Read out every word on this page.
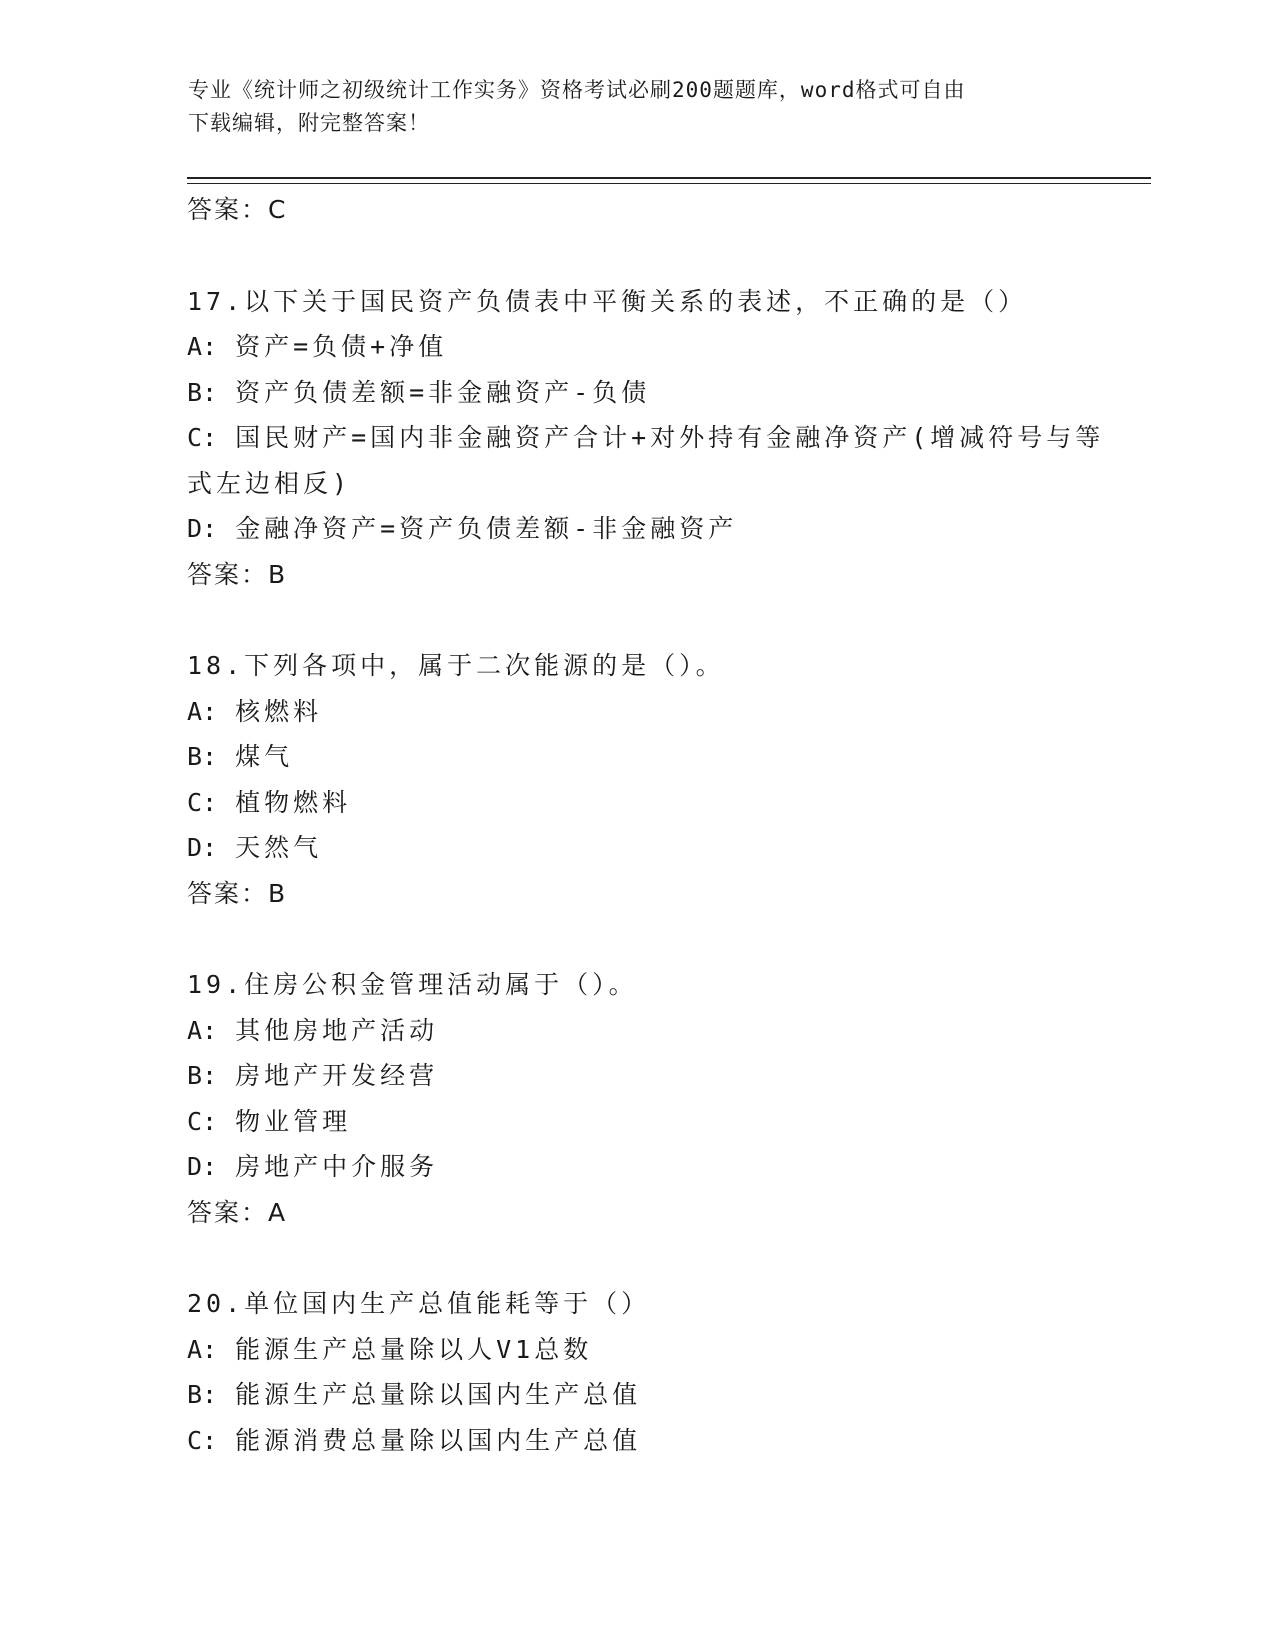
专业《统计师之初级统计工作实务》资格考试必刷200题题库，word格式可自由
下载编辑，附完整答案！
答案：C
17.以下关于国民资产负债表中平衡关系的表述，不正确的是（）
A: 资产=负债+净值
B: 资产负债差额=非金融资产-负债
C: 国民财产=国内非金融资产合计+对外持有金融净资产(增减符号与等式左边相反)
D: 金融净资产=资产负债差额-非金融资产
答案：B
18.下列各项中，属于二次能源的是（）。
A: 核燃料
B: 煤气
C: 植物燃料
D: 天然气
答案：B
19.住房公积金管理活动属于（）。
A: 其他房地产活动
B: 房地产开发经营
C: 物业管理
D: 房地产中介服务
答案：A
20.单位国内生产总值能耗等于（）
A: 能源生产总量除以人V1总数
B: 能源生产总量除以国内生产总值
C: 能源消费总量除以国内生产总值
